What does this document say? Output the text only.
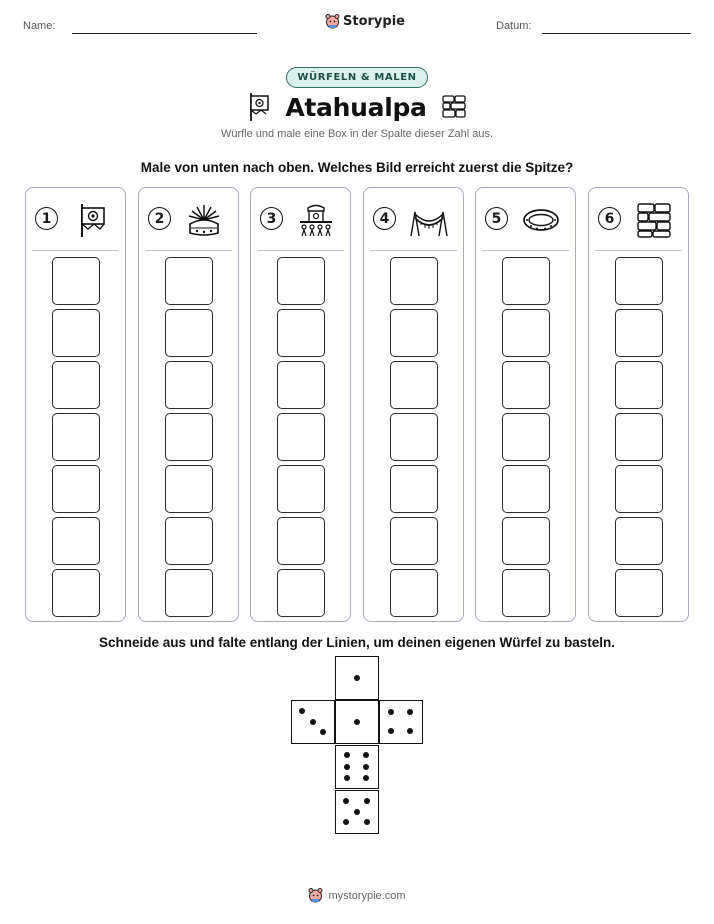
Name:	Storypie	Datum:
WÜRFELN & MALEN
Atahualpa
Würfle und male eine Box in der Spalte dieser Zahl aus.
Male von unten nach oben. Welches Bild erreicht zuerst die Spitze?
1	2	3	4	5	6
Schneide aus und falte entlang der Linien, um deinen eigenen Würfel zu basteln.
mystorypie.com
